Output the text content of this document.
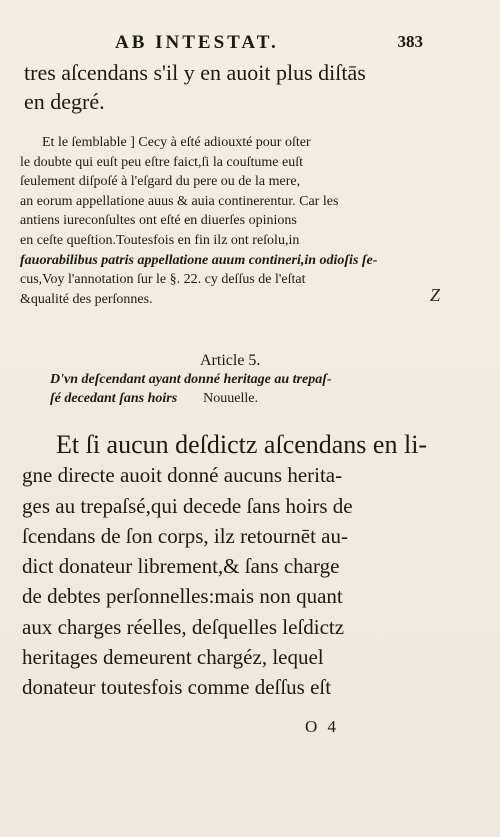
AB INTESTAT.	383
tres aſcendans s'il y en auoit plus diſtās
en degré.
Et le ſemblable ] Cecy à eſté adiouxté pour oſter
le doubte qui euſt peu eſtre faict,ſi la couſtume euſt
ſeulement diſpoſé à l'eſgard du pere ou de la mere,
an eorum appellatione auus & auia continerentur. Car les
antiens iureconſultes ont eſté en diuerſes opinions
en ceſte queſtion.Toutesfois en fin ilz ont reſolu,in
fauorabilibus patris appellatione auum contineri,in odioſis ſe-
cus,Voy l'annotation ſur le §. 22. cy deſſus de l'eſtat
&qualité des perſonnes.	Z
Article 5.
D'vn deſcendant ayant donné heritage au trepaſ-
ſé decedant ſans hoirs Nouuelle.
Et ſi aucun deſdictz aſcendans en li-
gne directe auoit donné aucuns herita-
ges au trepaſsé,qui decede ſans hoirs de
ſcendans de ſon corps, ilz retournēt au-
dict donateur librement,& ſans charge
de debtes perſonnelles:mais non quant
aux charges réelles, deſquelles leſdictz
heritages demeurent chargéz, lequel
donateur toutesfois comme deſſus eſt
O 4
